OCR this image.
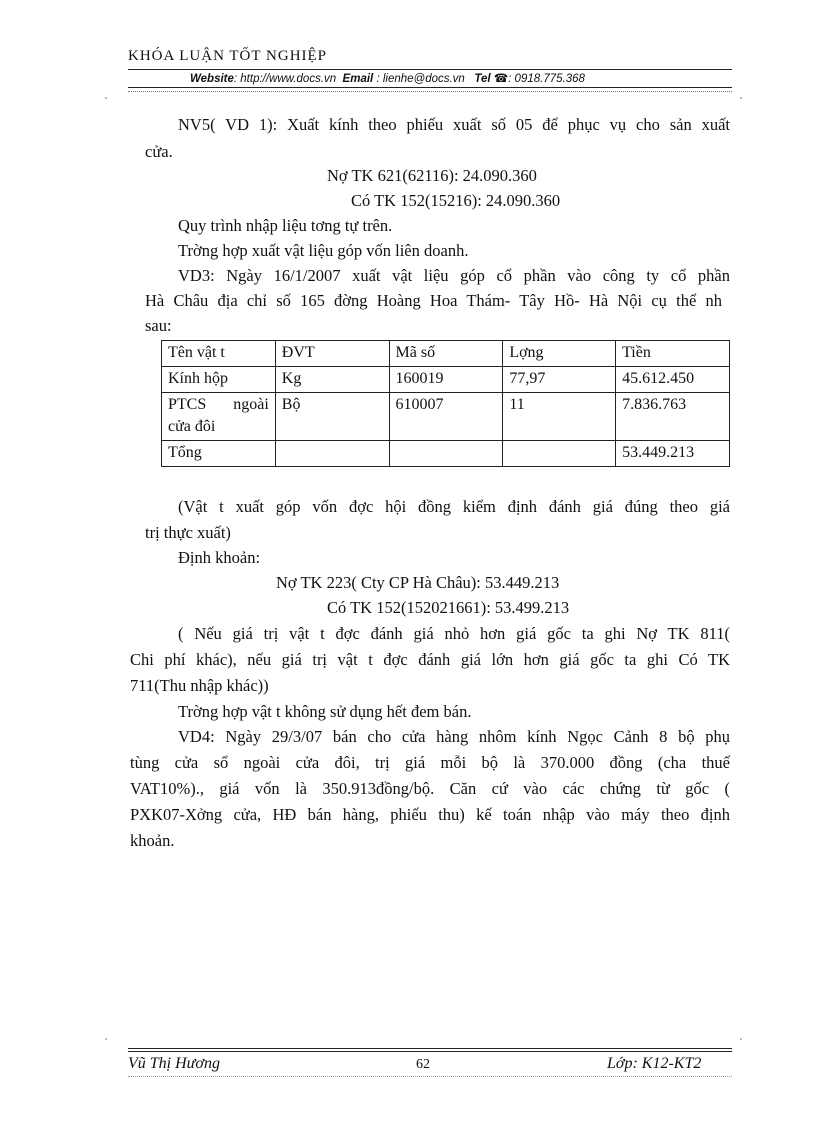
KHÓA LUẬN TỐT NGHIỆP
Website: http://www.docs.vn Email : lienhe@docs.vn Tel ☎: 0918.775.368
NV5( VD 1): Xuất kính theo phiếu xuất số 05 để phục vụ cho sản xuất
cửa.
Nợ TK 621(62116): 24.090.360
Có TK 152(15216): 24.090.360
Quy trình nhập liệu tơng tự trên.
Trờng hợp xuất vật liệu góp vốn liên doanh.
VD3: Ngày 16/1/2007 xuất vật liệu góp cổ phần vào công ty cổ phần
Hà Châu địa chỉ số 165 đờng Hoàng Hoa Thám- Tây Hồ- Hà Nội cụ thể nh
sau:
Tên vật t	ĐVT	Mã số	Lợng	Tiền
Kính hộp	Kg	160019	77,97	45.612.450

PTCS ngoài
cửa đôi	Bộ	610007	11	7.836.763
Tổng				53.449.213
(Vật t xuất góp vốn đợc hội đồng kiểm định đánh giá đúng theo giá
trị thực xuất)
Định khoản:
Nợ TK 223( Cty CP Hà Châu): 53.449.213
Có TK 152(152021661): 53.499.213
( Nếu giá trị vật t đợc đánh giá nhỏ hơn giá gốc ta ghi Nợ TK 811(
Chi phí khác), nếu giá trị vật t đợc đánh giá lớn hơn giá gốc ta ghi Có TK
711(Thu nhập khác))
Trờng hợp vật t không sử dụng hết đem bán.
VD4: Ngày 29/3/07 bán cho cửa hàng nhôm kính Ngọc Cảnh 8 bộ phụ
tùng cửa sổ ngoài cửa đôi, trị giá mỗi bộ là 370.000 đồng (cha thuế
VAT10%)., giá vốn là 350.913đồng/bộ. Căn cứ vào các chứng từ gốc (
PXK07-Xởng cửa, HĐ bán hàng, phiếu thu) kế toán nhập vào máy theo định
khoản.
Vũ Thị Hương	62	Lớp: K12-KT2
